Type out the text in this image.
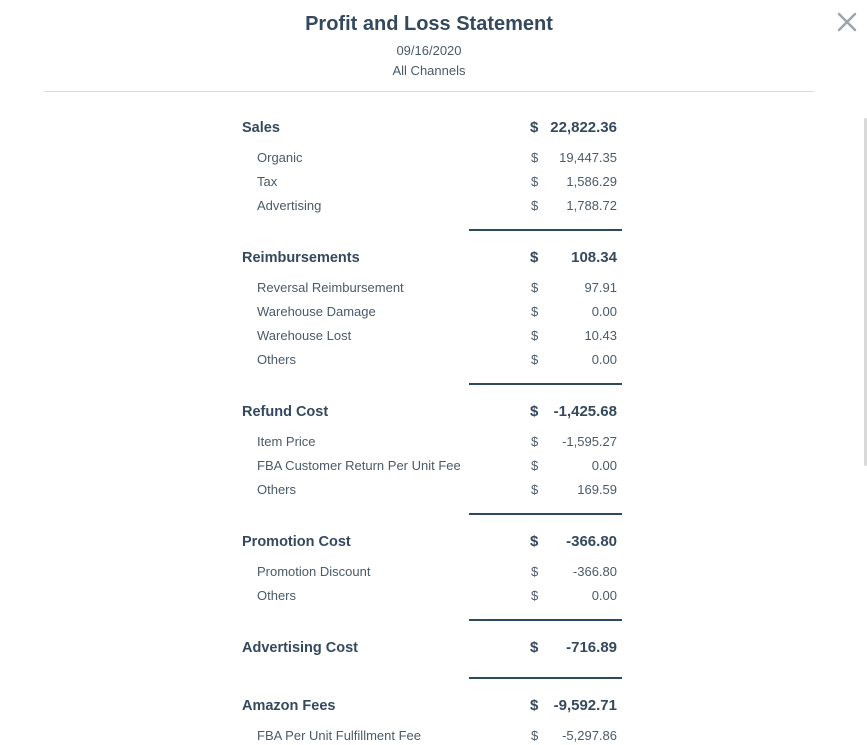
Profit and Loss Statement
09/16/2020
All Channels
Sales	$ 22,822.36
Organic	$ 19,447.35
Tax	$ 1,586.29
Advertising	$ 1,788.72
Reimbursements	$ 108.34
Reversal Reimbursement	$	97.91
Warehouse Damage	$	0.00
Warehouse Lost	$	10.43
Others	$	0.00
Refund Cost	$ -1,425.68
Item Price	$ -1,595.27
FBA Customer Return Per Unit Fee	$	0.00
Others	$	169.59
Promotion Cost	$ -366.80
Promotion Discount	$	-366.80
Others	$	0.00
Advertising Cost	$ -716.89
Amazon Fees	$ -9,592.71
FBA Per Unit Fulfillment Fee	$ -5,297.86
